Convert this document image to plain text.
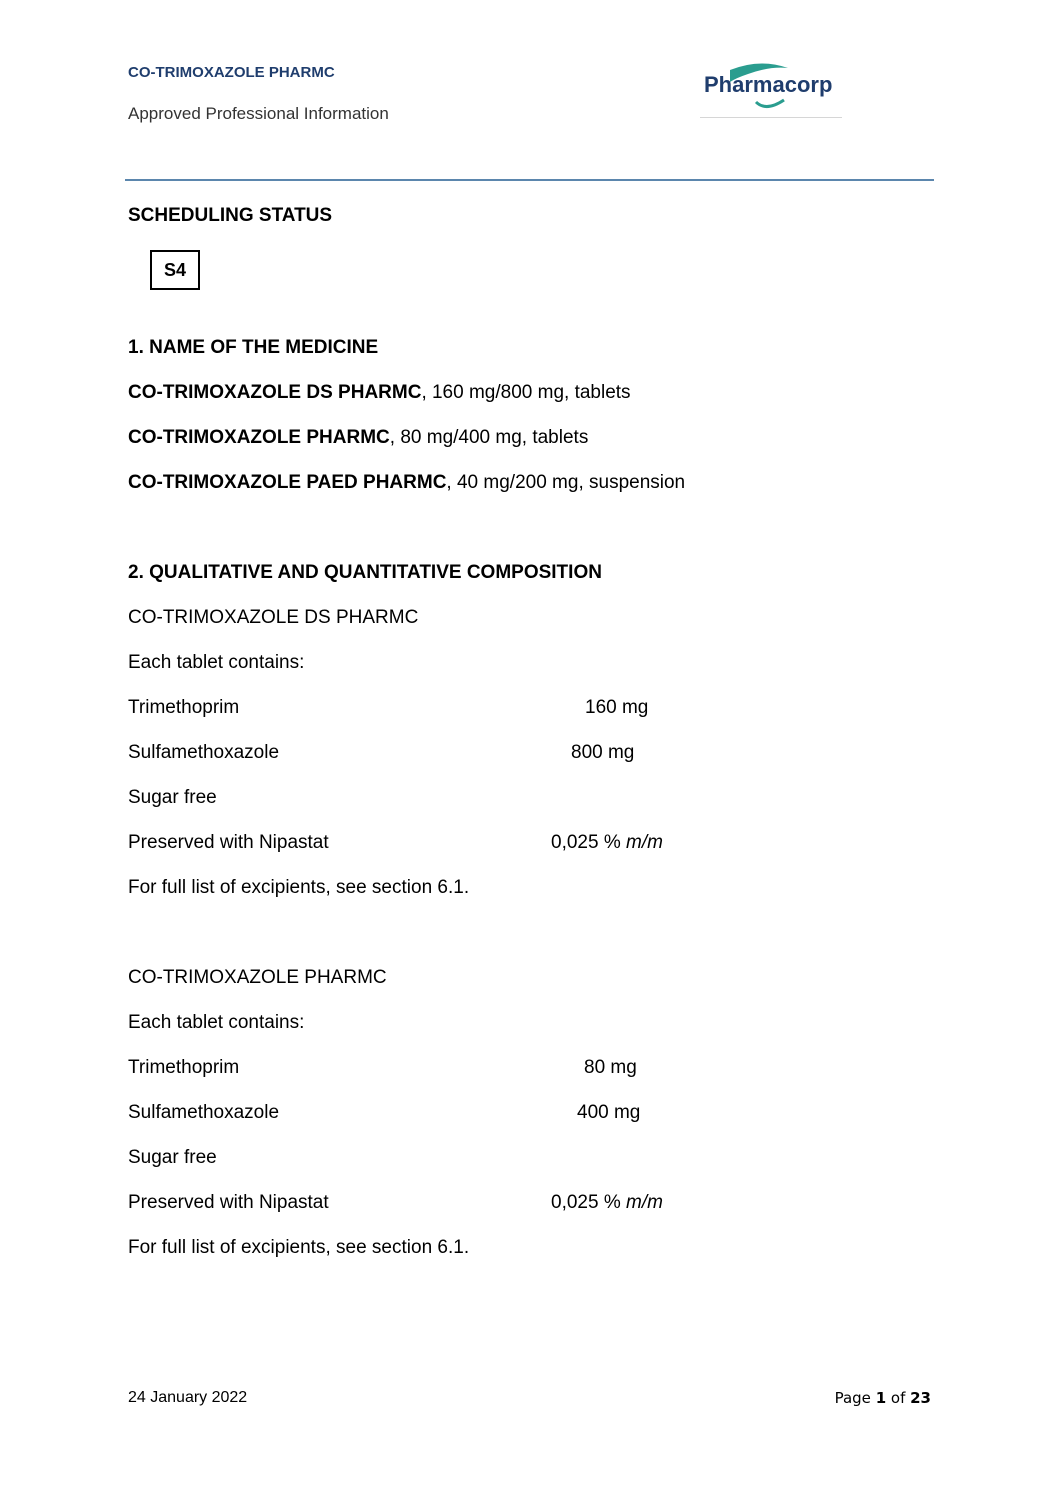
CO-TRIMOXAZOLE PHARMC
Approved Professional Information
Pharmacorp
SCHEDULING STATUS
S4
1. NAME OF THE MEDICINE
CO-TRIMOXAZOLE DS PHARMC, 160 mg/800 mg, tablets
CO-TRIMOXAZOLE PHARMC, 80 mg/400 mg, tablets
CO-TRIMOXAZOLE PAED PHARMC, 40 mg/200 mg, suspension
2. QUALITATIVE AND QUANTITATIVE COMPOSITION
CO-TRIMOXAZOLE DS PHARMC
Each tablet contains:
Trimethoprim	160 mg
Sulfamethoxazole	800 mg
Sugar free
Preserved with Nipastat	0,025 % m/m
For full list of excipients, see section 6.1.
CO-TRIMOXAZOLE PHARMC
Each tablet contains:
Trimethoprim	80 mg
Sulfamethoxazole	400 mg
Sugar free
Preserved with Nipastat	0,025 % m/m
For full list of excipients, see section 6.1.
24 January 2022	Page 1 of 23
